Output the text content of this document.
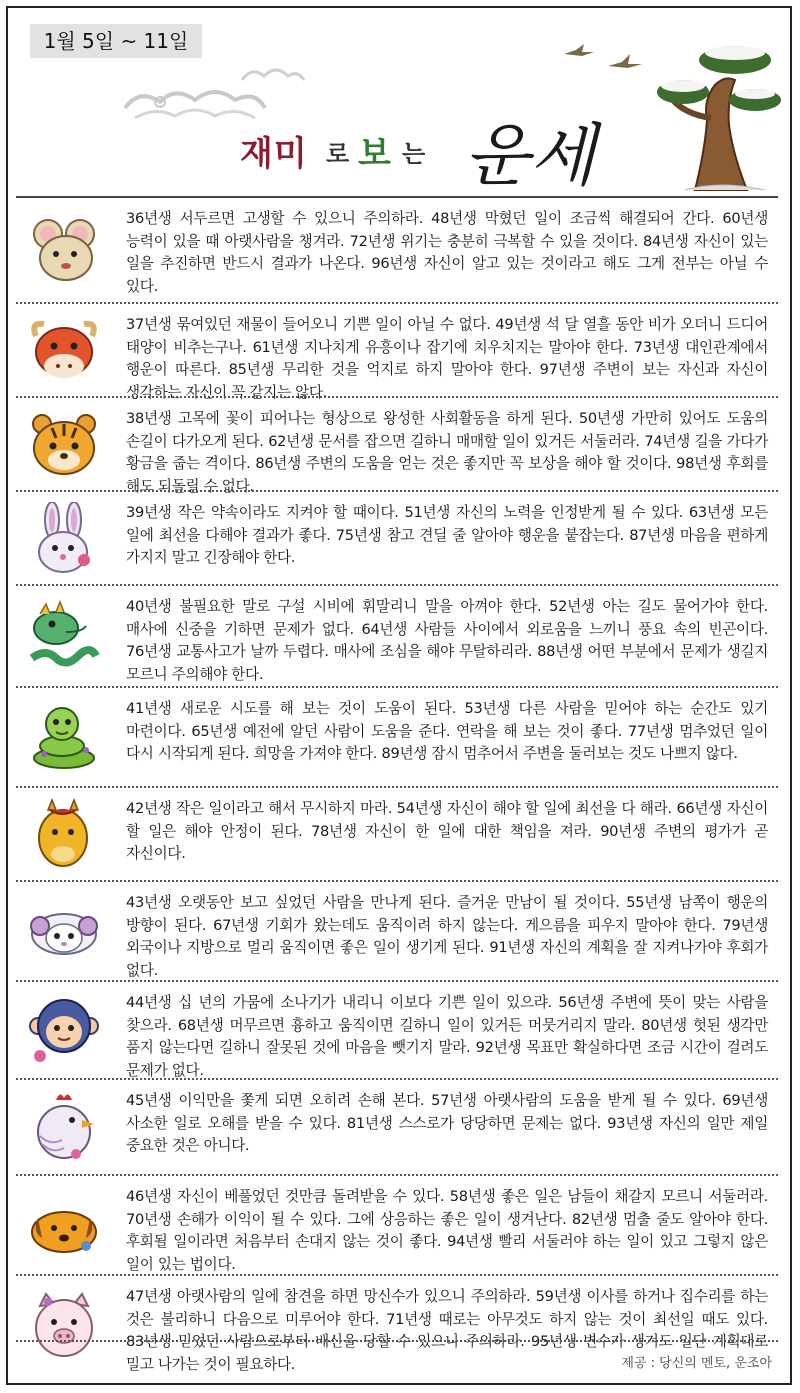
1월 5일 ~ 11일
재미 로 보 는 운세
36년생 서두르면 고생할 수 있으니 주의하라. 48년생 막혔던 일이 조금씩 해결되어 간다. 60년생 능력이 있을 때 아랫사람을 챙겨라. 72년생 위기는 충분히 극복할 수 있을 것이다. 84년생 자신이 있는 일을 추진하면 반드시 결과가 나온다. 96년생 자신이 알고 있는 것이라고 해도 그게 전부는 아닐 수 있다.
37년생 묶여있던 재물이 들어오니 기쁜 일이 아닐 수 없다. 49년생 석 달 열흘 동안 비가 오더니 드디어 태양이 비추는구나. 61년생 지나치게 유흥이나 잡기에 치우치지는 말아야 한다. 73년생 대인관계에서 행운이 따른다. 85년생 무리한 것을 억지로 하지 말아야 한다. 97년생 주변이 보는 자신과 자신이 생각하는 자신이 꼭 같지는 않다.
38년생 고목에 꽃이 피어나는 형상으로 왕성한 사회활동을 하게 된다. 50년생 가만히 있어도 도움의 손길이 다가오게 된다. 62년생 문서를 잡으면 길하니 매매할 일이 있거든 서둘러라. 74년생 길을 가다가 황금을 줍는 격이다. 86년생 주변의 도움을 얻는 것은 좋지만 꼭 보상을 해야 할 것이다. 98년생 후회를 해도 되돌릴 수 없다.
39년생 작은 약속이라도 지켜야 할 때이다. 51년생 자신의 노력을 인정받게 될 수 있다. 63년생 모든 일에 최선을 다해야 결과가 좋다. 75년생 참고 견딜 줄 알아야 행운을 붙잡는다. 87년생 마음을 편하게 가지지 말고 긴장해야 한다.
40년생 불필요한 말로 구설 시비에 휘말리니 말을 아껴야 한다. 52년생 아는 길도 물어가야 한다. 매사에 신중을 기하면 문제가 없다. 64년생 사람들 사이에서 외로움을 느끼니 풍요 속의 빈곤이다. 76년생 교통사고가 날까 두렵다. 매사에 조심을 해야 무탈하리라. 88년생 어떤 부분에서 문제가 생길지 모르니 주의해야 한다.
41년생 새로운 시도를 해 보는 것이 도움이 된다. 53년생 다른 사람을 믿어야 하는 순간도 있기 마련이다. 65년생 예전에 알던 사람이 도움을 준다. 연락을 해 보는 것이 좋다. 77년생 멈추었던 일이 다시 시작되게 된다. 희망을 가져야 한다. 89년생 잠시 멈추어서 주변을 둘러보는 것도 나쁘지 않다.
42년생 작은 일이라고 해서 무시하지 마라. 54년생 자신이 해야 할 일에 최선을 다 해라. 66년생 자신이 할 일은 해야 안정이 된다. 78년생 자신이 한 일에 대한 책임을 져라. 90년생 주변의 평가가 곧 자신이다.
43년생 오랫동안 보고 싶었던 사람을 만나게 된다. 즐거운 만남이 될 것이다. 55년생 남쪽이 행운의 방향이 된다. 67년생 기회가 왔는데도 움직이려 하지 않는다. 게으름을 피우지 말아야 한다. 79년생 외국이나 지방으로 멀리 움직이면 좋은 일이 생기게 된다. 91년생 자신의 계획을 잘 지켜나가야 후회가 없다.
44년생 십 년의 가뭄에 소나기가 내리니 이보다 기쁜 일이 있으랴. 56년생 주변에 뜻이 맞는 사람을 찾으라. 68년생 머무르면 흉하고 움직이면 길하니 일이 있거든 머뭇거리지 말라. 80년생 헛된 생각만 품지 않는다면 길하니 잘못된 것에 마음을 뺏기지 말라. 92년생 목표만 확실하다면 조금 시간이 걸려도 문제가 없다.
45년생 이익만을 쫓게 되면 오히려 손해 본다. 57년생 아랫사람의 도움을 받게 될 수 있다. 69년생 사소한 일로 오해를 받을 수 있다. 81년생 스스로가 당당하면 문제는 없다. 93년생 자신의 일만 제일 중요한 것은 아니다.
46년생 자신이 베풀었던 것만큼 돌려받을 수 있다. 58년생 좋은 일은 남들이 채갈지 모르니 서둘러라. 70년생 손해가 이익이 될 수 있다. 그에 상응하는 좋은 일이 생겨난다. 82년생 멈출 줄도 알아야 한다. 후회될 일이라면 처음부터 손대지 않는 것이 좋다. 94년생 빨리 서둘러야 하는 일이 있고 그렇지 않은 일이 있는 법이다.
47년생 아랫사람의 일에 참견을 하면 망신수가 있으니 주의하라. 59년생 이사를 하거나 집수리를 하는 것은 불리하니 다음으로 미루어야 한다. 71년생 때로는 아무것도 하지 않는 것이 최선일 때도 있다. 83년생 믿었던 사람으로부터 배신을 당할 수 있으니 주의하라. 95년생 변수가 생겨도 일단 계획대로 밀고 나가는 것이 필요하다.	제공 : 당신의 멘토, 운조아
